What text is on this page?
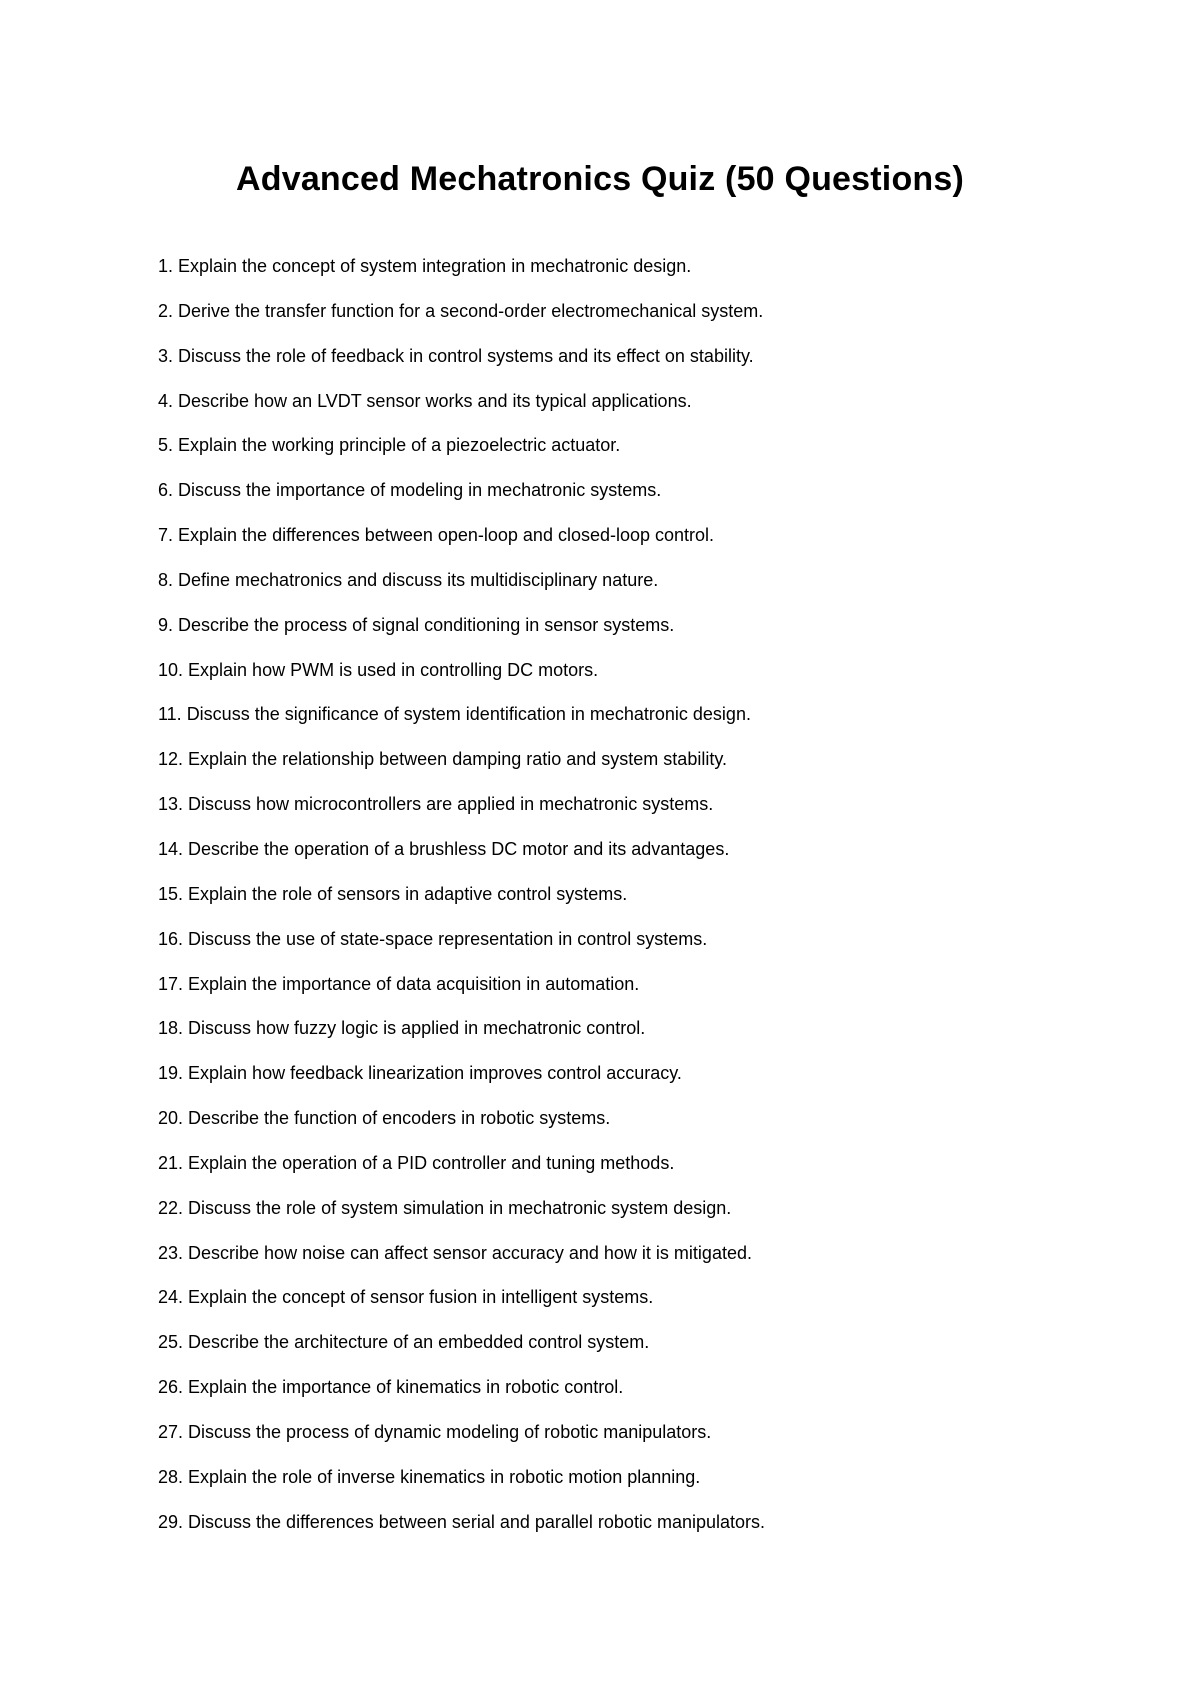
Advanced Mechatronics Quiz (50 Questions)
1. Explain the concept of system integration in mechatronic design.
2. Derive the transfer function for a second-order electromechanical system.
3. Discuss the role of feedback in control systems and its effect on stability.
4. Describe how an LVDT sensor works and its typical applications.
5. Explain the working principle of a piezoelectric actuator.
6. Discuss the importance of modeling in mechatronic systems.
7. Explain the differences between open-loop and closed-loop control.
8. Define mechatronics and discuss its multidisciplinary nature.
9. Describe the process of signal conditioning in sensor systems.
10. Explain how PWM is used in controlling DC motors.
11. Discuss the significance of system identification in mechatronic design.
12. Explain the relationship between damping ratio and system stability.
13. Discuss how microcontrollers are applied in mechatronic systems.
14. Describe the operation of a brushless DC motor and its advantages.
15. Explain the role of sensors in adaptive control systems.
16. Discuss the use of state-space representation in control systems.
17. Explain the importance of data acquisition in automation.
18. Discuss how fuzzy logic is applied in mechatronic control.
19. Explain how feedback linearization improves control accuracy.
20. Describe the function of encoders in robotic systems.
21. Explain the operation of a PID controller and tuning methods.
22. Discuss the role of system simulation in mechatronic system design.
23. Describe how noise can affect sensor accuracy and how it is mitigated.
24. Explain the concept of sensor fusion in intelligent systems.
25. Describe the architecture of an embedded control system.
26. Explain the importance of kinematics in robotic control.
27. Discuss the process of dynamic modeling of robotic manipulators.
28. Explain the role of inverse kinematics in robotic motion planning.
29. Discuss the differences between serial and parallel robotic manipulators.
